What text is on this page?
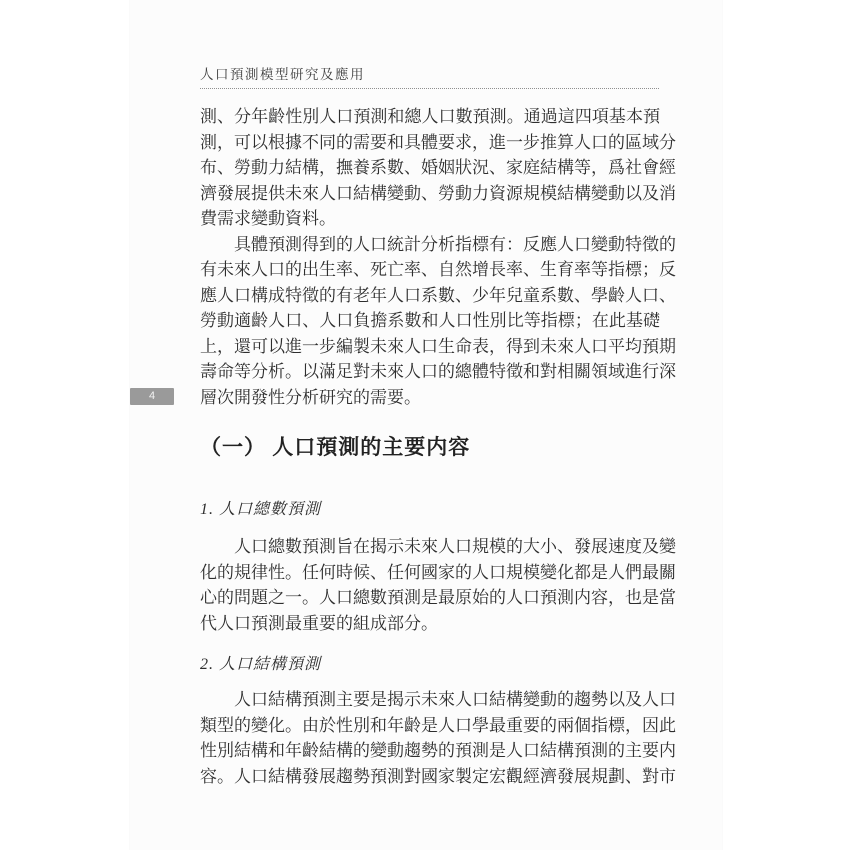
人口預測模型研究及應用
4
測、分年齡性別人口預測和總人口數預測。通過這四項基本預
測，可以根據不同的需要和具體要求，進一步推算人口的區域分
布、勞動力結構，撫養系數、婚姻狀況、家庭結構等，爲社會經
濟發展提供未來人口結構變動、勞動力資源規模結構變動以及消
費需求變動資料。
具體預測得到的人口統計分析指標有：反應人口變動特徵的
有未來人口的出生率、死亡率、自然增長率、生育率等指標；反
應人口構成特徵的有老年人口系數、少年兒童系數、學齡人口、
勞動適齡人口、人口負擔系數和人口性別比等指標；在此基礎
上，還可以進一步編製未來人口生命表，得到未來人口平均預期
壽命等分析。以滿足對未來人口的總體特徵和對相關領域進行深
層次開發性分析研究的需要。
（一） 人口預測的主要内容
1. 人口總數預測
人口總數預測旨在揭示未來人口規模的大小、發展速度及變
化的規律性。任何時候、任何國家的人口規模變化都是人們最關
心的問題之一。人口總數預測是最原始的人口預測内容，也是當
代人口預測最重要的組成部分。
2. 人口結構預測
人口結構預測主要是揭示未來人口結構變動的趨勢以及人口
類型的變化。由於性別和年齡是人口學最重要的兩個指標，因此
性別結構和年齡結構的變動趨勢的預測是人口結構預測的主要内
容。人口結構發展趨勢預測對國家製定宏觀經濟發展規劃、對市
